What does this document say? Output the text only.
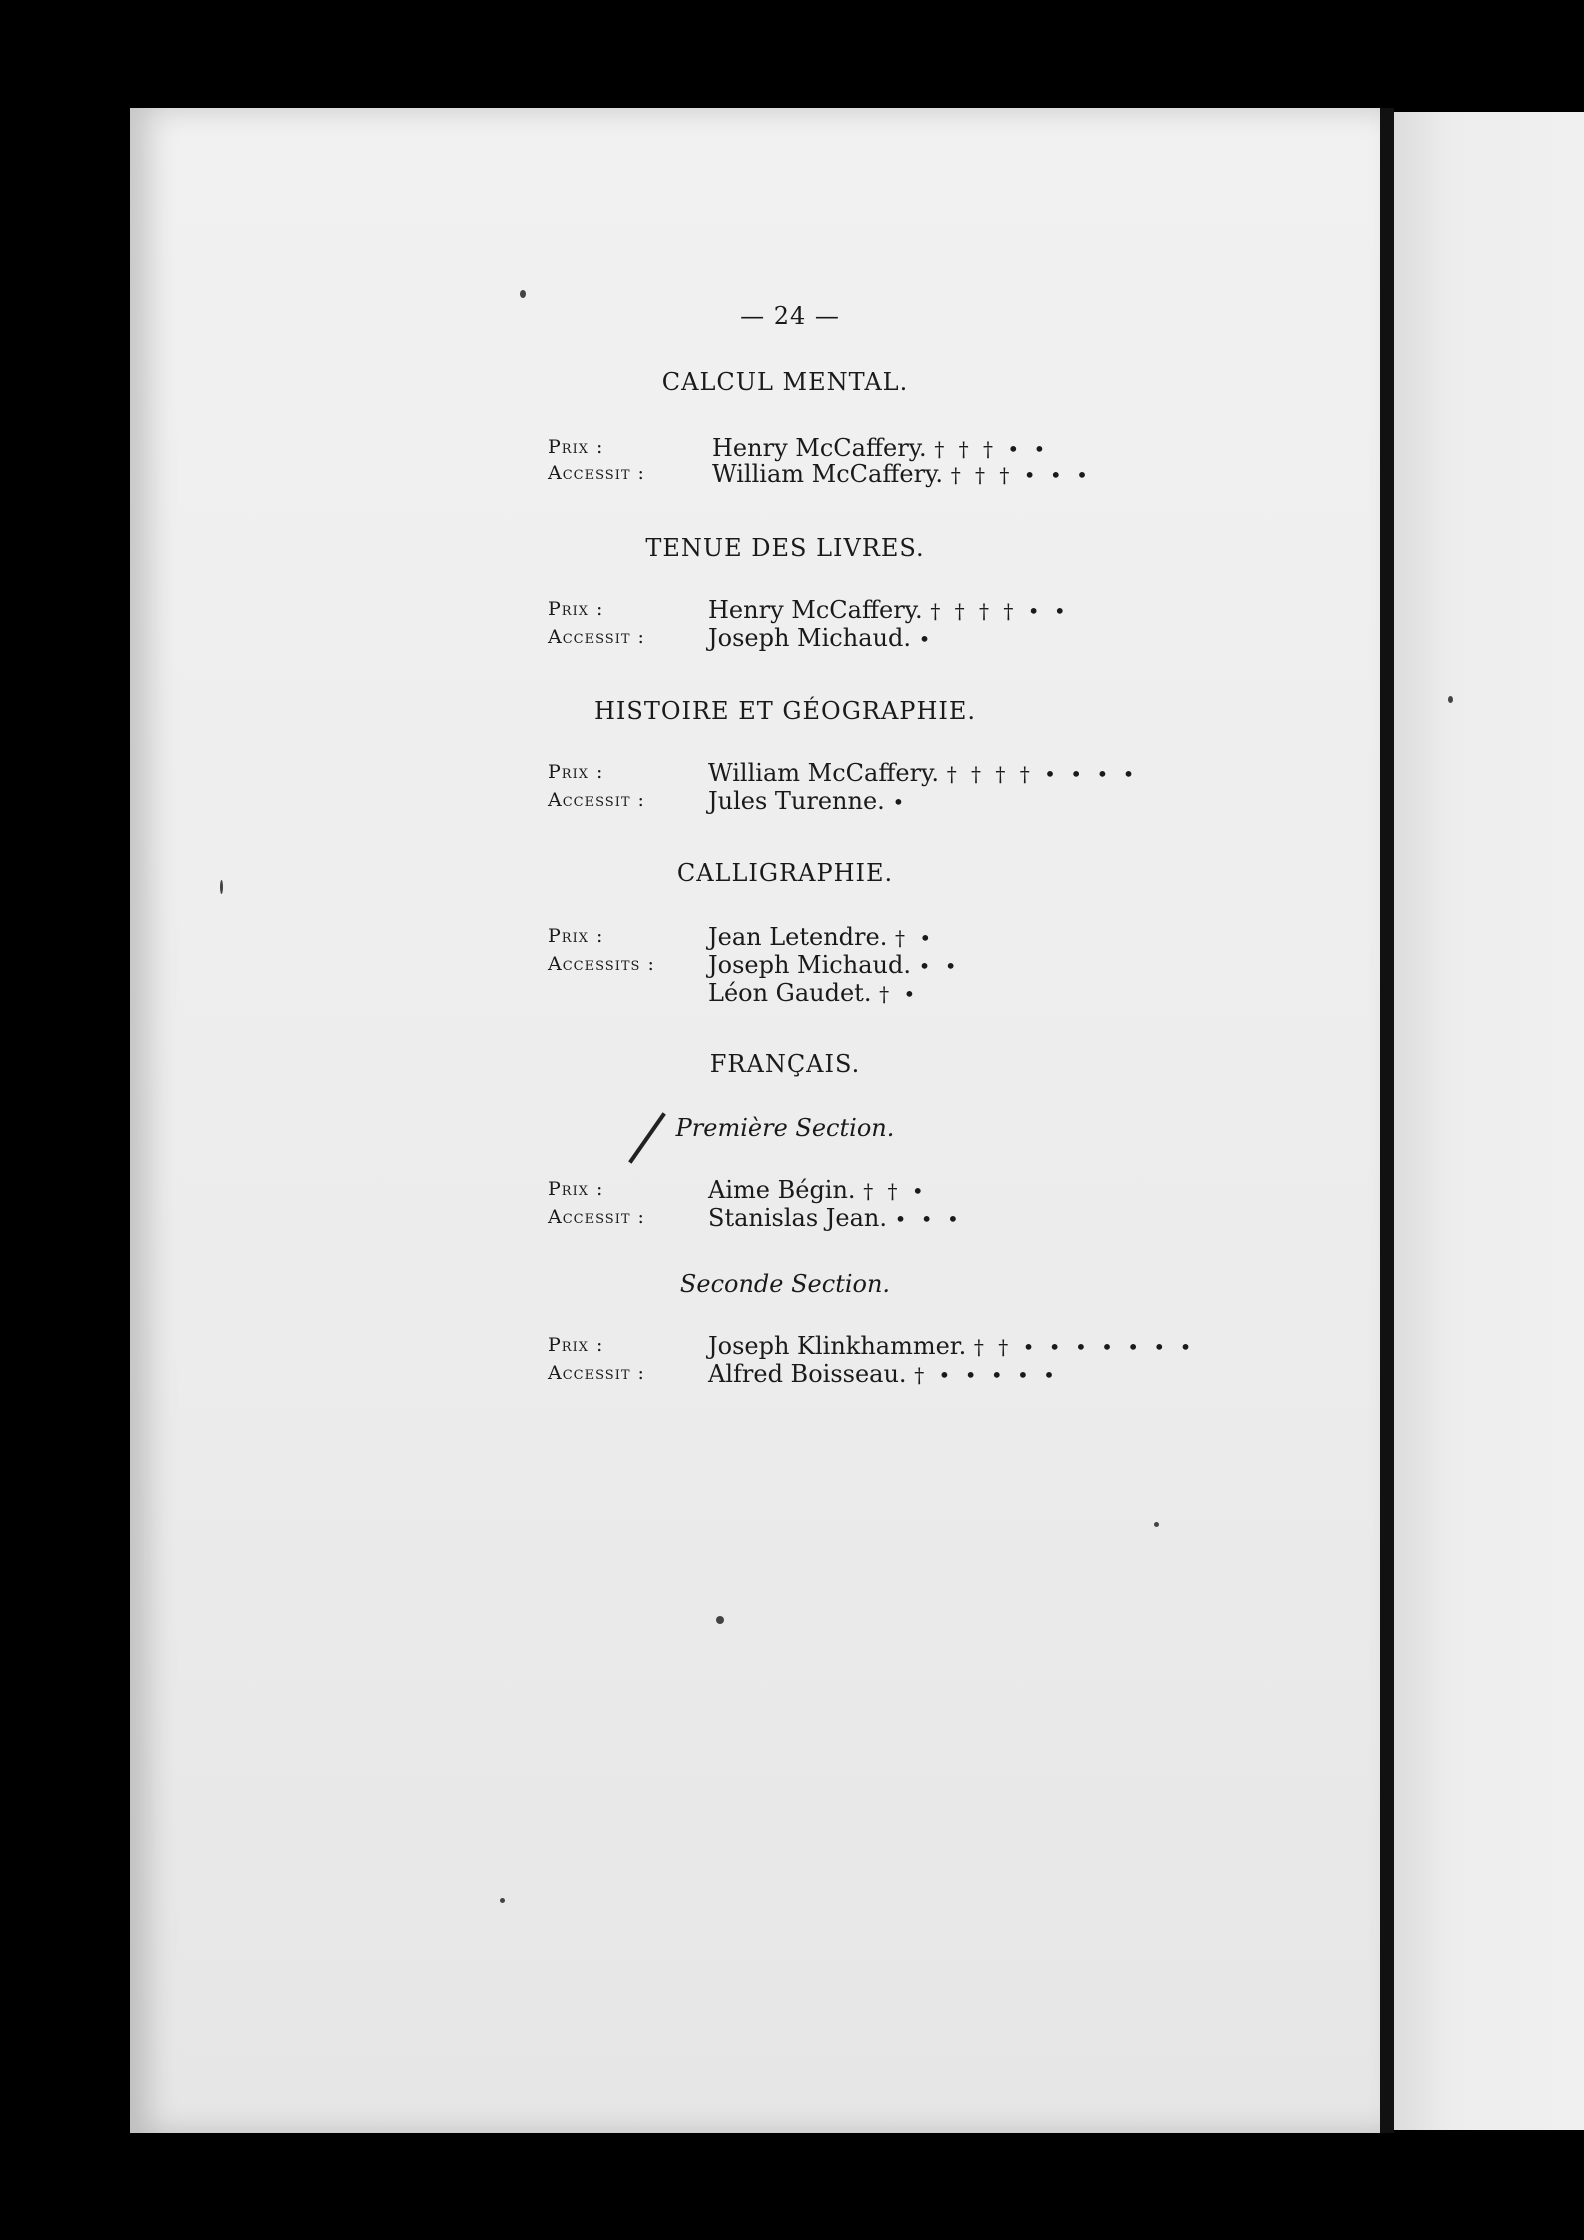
— 24 —
CALCUL MENTAL.
Prix :	Henry McCaffery. † † † • •
Accessit :	William McCaffery. † † † • • •
TENUE DES LIVRES.
Prix :	Henry McCaffery. † † † † • •
Accessit :	Joseph Michaud. •
HISTOIRE ET GÉOGRAPHIE.
Prix :	William McCaffery. † † † † • • • •
Accessit :	Jules Turenne. •
CALLIGRAPHIE.
Prix :	Jean Letendre. † •
Accessits : Joseph Michaud. • •
Léon Gaudet. † •
FRANÇAIS.
Première Section.
Prix :	Aime Bégin. † † •
Accessit :	Stanislas Jean. • • •
Seconde Section.
Prix :	Joseph Klinkhammer. † † • • • • • • •
Accessit :	Alfred Boisseau. † • • • • •
